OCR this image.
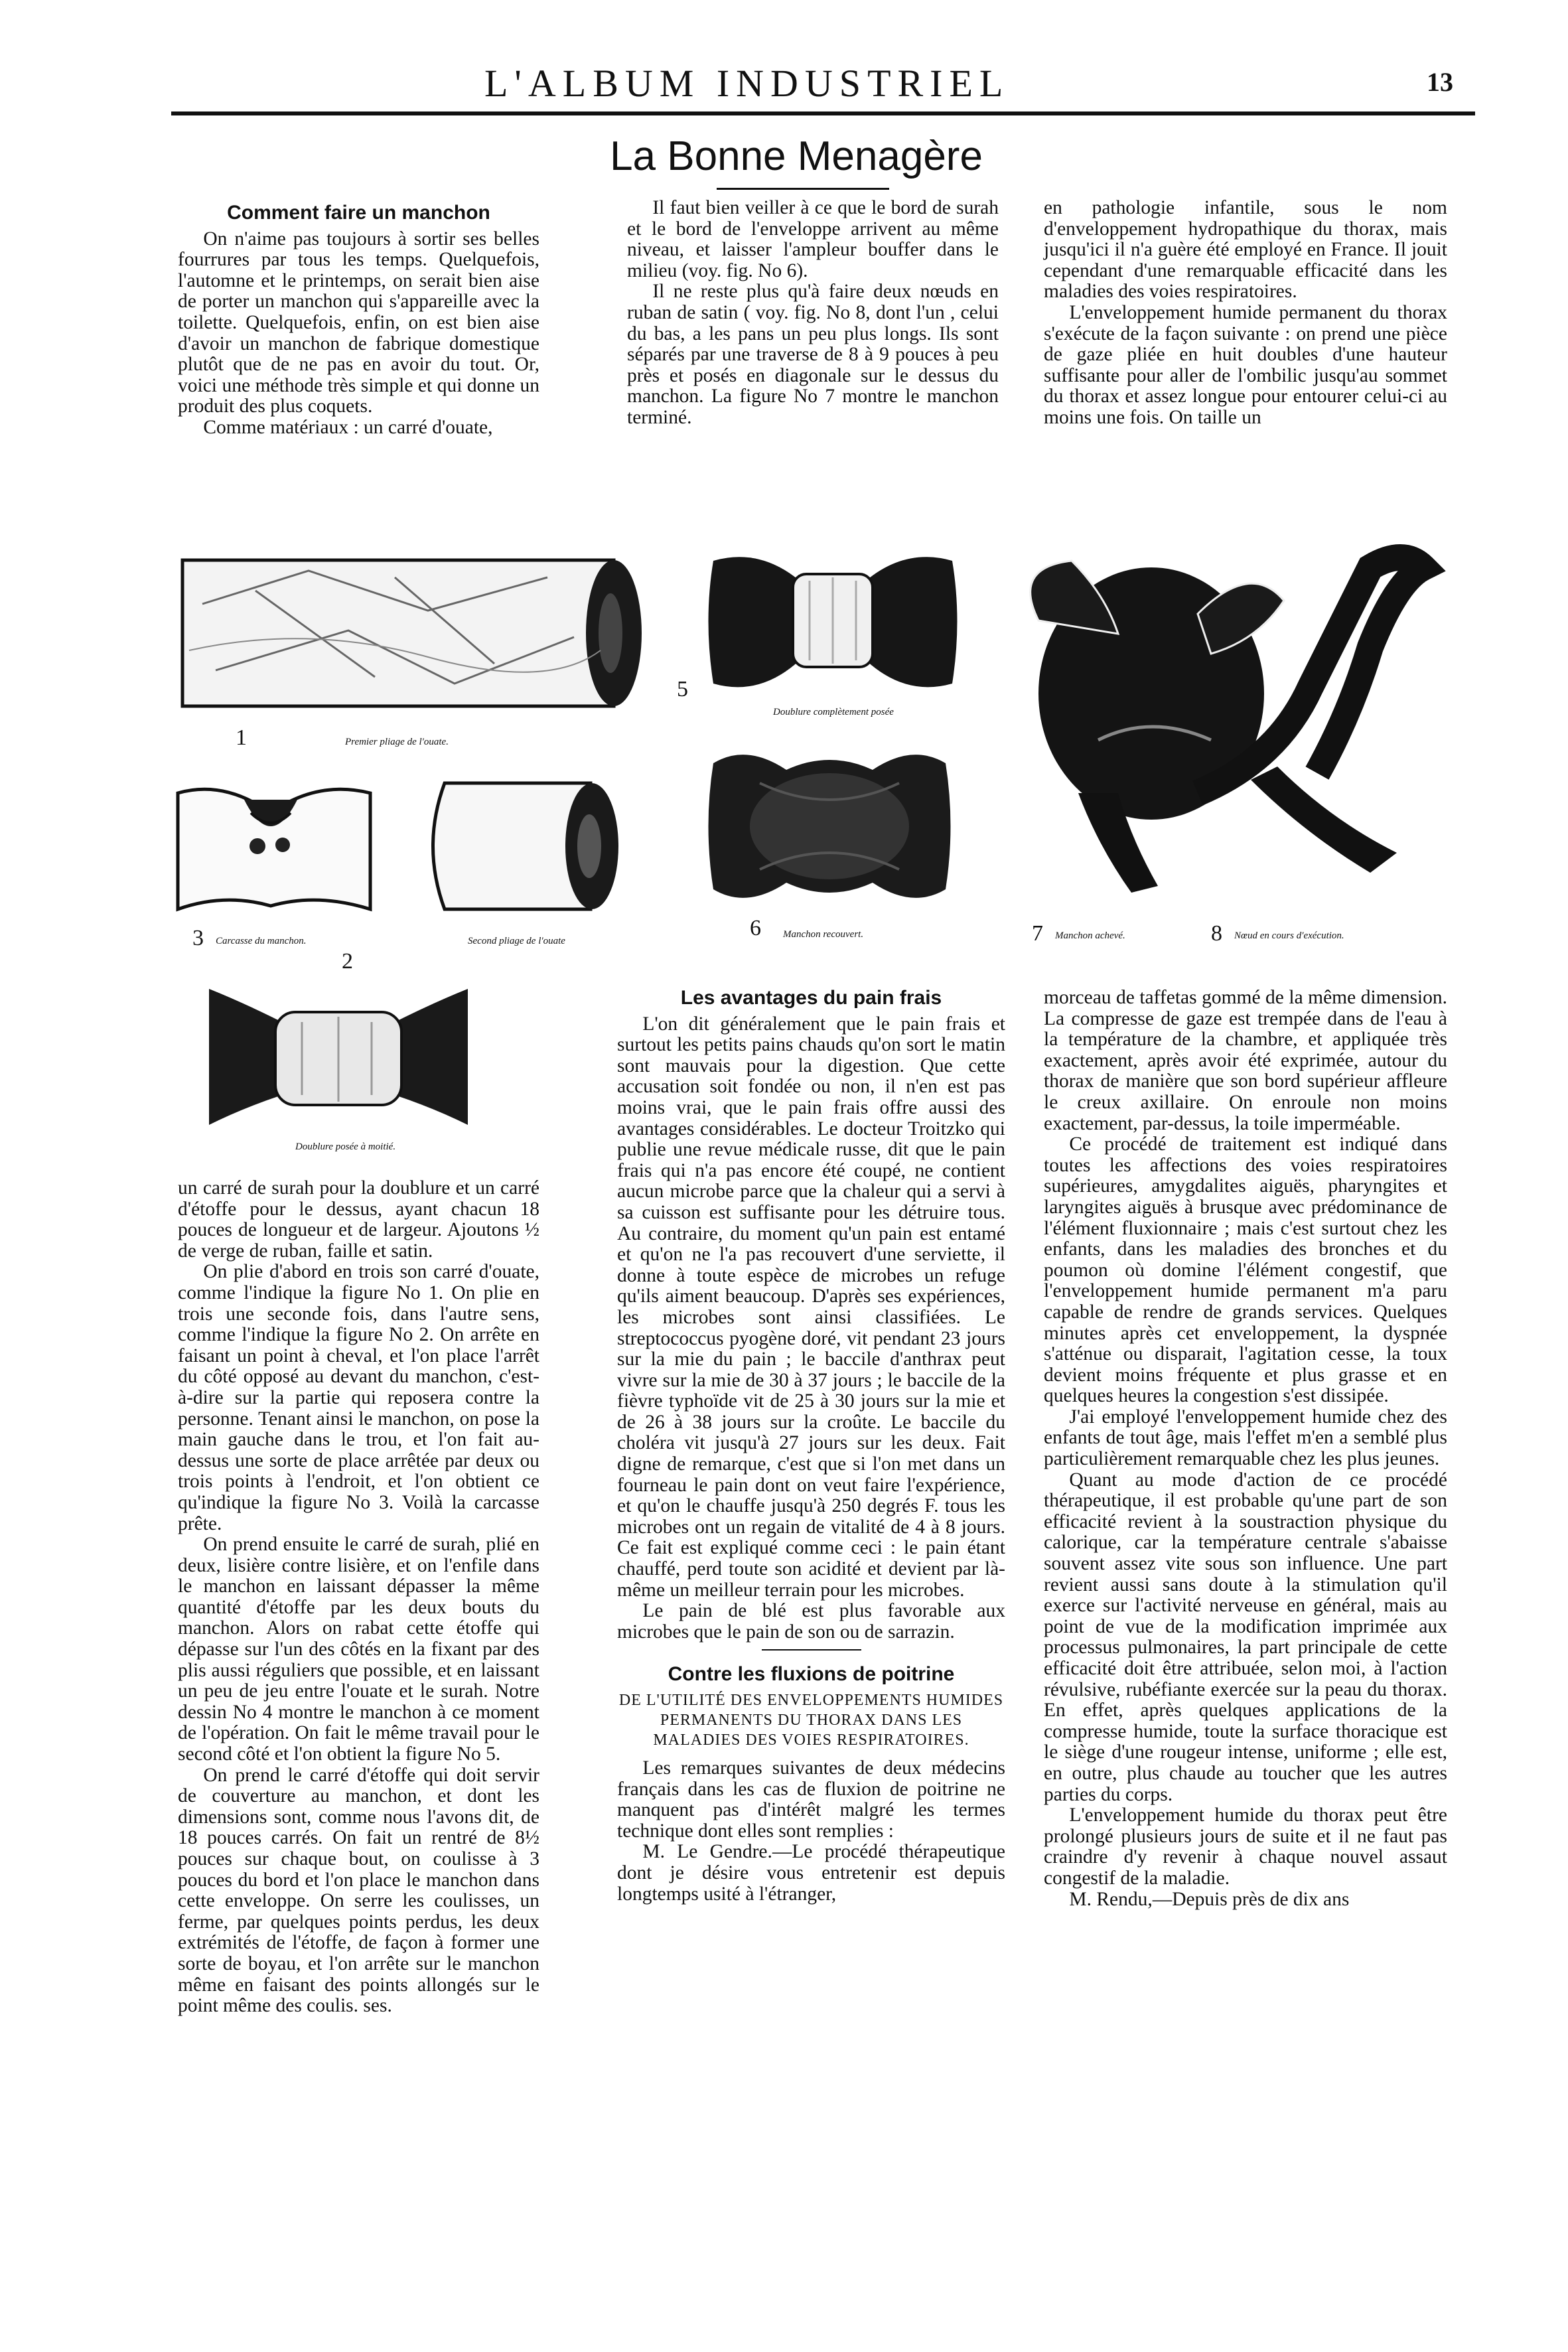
L'ALBUM INDUSTRIEL	13
La Bonne Menagère
Comment faire un manchon

On n'aime pas toujours à sortir ses belles fourrures par tous les temps. Quelquefois, l'automne et le printemps, on serait bien aise de porter un manchon qui s'appareille avec la toilette. Quelquefois, enfin, on est bien aise d'avoir un manchon de fabrique domestique plutôt que de ne pas en avoir du tout. Or, voici une méthode très simple et qui donne un produit des plus coquets.

Comme matériaux : un carré d'ouate,

Il faut bien veiller à ce que le bord de surah et le bord de l'enveloppe arrivent au même niveau, et laisser l'ampleur bouffer dans le milieu (voy. fig. No 6).

Il ne reste plus qu'à faire deux nœuds en ruban de satin ( voy. fig. No 8, dont l'un , celui du bas, a les pans un peu plus longs. Ils sont séparés par une traverse de 8 à 9 pouces à peu près et posés en diagonale sur le dessus du manchon. La figure No 7 montre le manchon terminé.

en pathologie infantile, sous le nom d'enveloppement hydropathique du thorax, mais jusqu'ici il n'a guère été employé en France. Il jouit cependant d'une remarquable efficacité dans les maladies des voies respiratoires.

L'enveloppement humide permanent du thorax s'exécute de la façon suivante : on prend une pièce de gaze pliée en huit doubles d'une hauteur suffisante pour aller de l'ombilic jusqu'au sommet du thorax et assez longue pour entourer celui-ci au moins une fois. On taille un

1	Premier pliage de l'ouate.
3 Carcasse du manchon.	Second pliage de l'ouate
2
Doublure posée à moitié.
5
Doublure complètement posée
6 Manchon recouvert.	7 Manchon achevé.	8 Nœud en cours d'exécution.

un carré de surah pour la doublure et un carré d'étoffe pour le dessus, ayant chacun 18 pouces de longueur et de largeur. Ajoutons ½ de verge de ruban, faille et satin.

On plie d'abord en trois son carré d'ouate, comme l'indique la figure No 1. On plie en trois une seconde fois, dans l'autre sens, comme l'indique la figure No 2. On arrête en faisant un point à cheval, et l'on place l'arrêt du côté opposé au devant du manchon, c'est-à-dire sur la partie qui reposera contre la personne. Tenant ainsi le manchon, on pose la main gauche dans le trou, et l'on fait au-dessus une sorte de place arrêtée par deux ou trois points à l'endroit, et l'on obtient ce qu'indique la figure No 3. Voilà la carcasse prête.

On prend ensuite le carré de surah, plié en deux, lisière contre lisière, et on l'enfile dans le manchon en laissant dépasser la même quantité d'étoffe par les deux bouts du manchon. Alors on rabat cette étoffe qui dépasse sur l'un des côtés en la fixant par des plis aussi réguliers que possible, et en laissant un peu de jeu entre l'ouate et le surah. Notre dessin No 4 montre le manchon à ce moment de l'opération. On fait le même travail pour le second côté et l'on obtient la figure No 5.

On prend le carré d'étoffe qui doit servir de couverture au manchon, et dont les dimensions sont, comme nous l'avons dit, de 18 pouces carrés. On fait un rentré de 8½ pouces sur chaque bout, on coulisse à 3 pouces du bord et l'on place le manchon dans cette enveloppe. On serre les coulisses, un ferme, par quelques points perdus, les deux extrémités de l'étoffe, de façon à former une sorte de boyau, et l'on arrête sur le manchon même en faisant des points allongés sur le point même des coulis. ses.

Les avantages du pain frais

L'on dit généralement que le pain frais et surtout les petits pains chauds qu'on sort le matin sont mauvais pour la digestion. Que cette accusation soit fondée ou non, il n'en est pas moins vrai, que le pain frais offre aussi des avantages considérables. Le docteur Troitzko qui publie une revue médicale russe, dit que le pain frais qui n'a pas encore été coupé, ne contient aucun microbe parce que la chaleur qui a servi à sa cuisson est suffisante pour les détruire tous. Au contraire, du moment qu'un pain est entamé et qu'on ne l'a pas recouvert d'une serviette, il donne à toute espèce de microbes un refuge qu'ils aiment beaucoup. D'après ses expériences, les microbes sont ainsi classifiées. Le streptococcus pyogène doré, vit pendant 23 jours sur la mie du pain ; le baccile d'anthrax peut vivre sur la mie de 30 à 37 jours ; le baccile de la fièvre typhoïde vit de 25 à 30 jours sur la mie et de 26 à 38 jours sur la croûte. Le baccile du choléra vit jusqu'à 27 jours sur les deux. Fait digne de remarque, c'est que si l'on met dans un fourneau le pain dont on veut faire l'expérience, et qu'on le chauffe jusqu'à 250 degrés F. tous les microbes ont un regain de vitalité de 4 à 8 jours. Ce fait est expliqué comme ceci : le pain étant chauffé, perd toute son acidité et devient par là-même un meilleur terrain pour les microbes.

Le pain de blé est plus favorable aux microbes que le pain de son ou de sarrazin.

Contre les fluxions de poitrine
DE L'UTILITÉ DES ENVELOPPEMENTS HUMIDES PERMANENTS DU THORAX DANS LES MALADIES DES VOIES RESPIRATOIRES.

Les remarques suivantes de deux médecins français dans les cas de fluxion de poitrine ne manquent pas d'intérêt malgré les termes technique dont elles sont remplies :

M. Le Gendre.—Le procédé thérapeutique dont je désire vous entretenir est depuis longtemps usité à l'étranger,

morceau de taffetas gommé de la même dimension. La compresse de gaze est trempée dans de l'eau à la température de la chambre, et appliquée très exactement, après avoir été exprimée, autour du thorax de manière que son bord supérieur affleure le creux axillaire. On enroule non moins exactement, par-dessus, la toile imperméable.

Ce procédé de traitement est indiqué dans toutes les affections des voies respiratoires supérieures, amygdalites aiguës, pharyngites et laryngites aiguës à brusque avec prédominance de l'élément fluxionnaire ; mais c'est surtout chez les enfants, dans les maladies des bronches et du poumon où domine l'élément congestif, que l'enveloppement humide permanent m'a paru capable de rendre de grands services. Quelques minutes après cet enveloppement, la dyspnée s'atténue ou disparait, l'agitation cesse, la toux devient moins fréquente et plus grasse et en quelques heures la congestion s'est dissipée.

J'ai employé l'enveloppement humide chez des enfants de tout âge, mais l'effet m'en a semblé plus particulièrement remarquable chez les plus jeunes.

Quant au mode d'action de ce procédé thérapeutique, il est probable qu'une part de son efficacité revient à la soustraction physique du calorique, car la température centrale s'abaisse souvent assez vite sous son influence. Une part revient aussi sans doute à la stimulation qu'il exerce sur l'activité nerveuse en général, mais au point de vue de la modification imprimée aux processus pulmonaires, la part principale de cette efficacité doit être attribuée, selon moi, à l'action révulsive, rubéfiante exercée sur la peau du thorax. En effet, après quelques applications de la compresse humide, toute la surface thoracique est le siège d'une rougeur intense, uniforme ; elle est, en outre, plus chaude au toucher que les autres parties du corps.

L'enveloppement humide du thorax peut être prolongé plusieurs jours de suite et il ne faut pas craindre d'y revenir à chaque nouvel assaut congestif de la maladie.

M. Rendu,—Depuis près de dix ans
